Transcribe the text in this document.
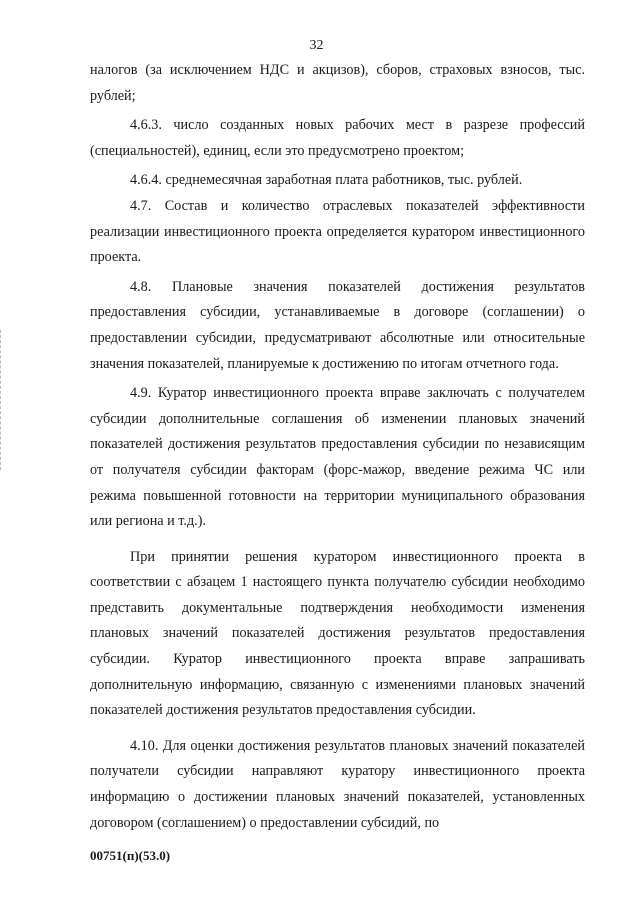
32

налогов (за исключением НДС и акцизов), сборов, страховых взносов, тыс. рублей;

4.6.3. число созданных новых рабочих мест в разрезе профессий (специальностей), единиц, если это предусмотрено проектом;

4.6.4. среднемесячная заработная плата работников, тыс. рублей.

4.7. Состав и количество отраслевых показателей эффективности реализации инвестиционного проекта определяется куратором инвестиционного проекта.

4.8. Плановые значения показателей достижения результатов предоставления субсидии, устанавливаемые в договоре (соглашении) о предоставлении субсидии, предусматривают абсолютные или относительные значения показателей, планируемые к достижению по итогам отчетного года.

4.9. Куратор инвестиционного проекта вправе заключать с получателем субсидии дополнительные соглашения об изменении плановых значений показателей достижения результатов предоставления субсидии по независящим от получателя субсидии факторам (форс-мажор, введение режима ЧС или режима повышенной готовности на территории муниципального образования или региона и т.д.).

При принятии решения куратором инвестиционного проекта в соответствии с абзацем 1 настоящего пункта получателю субсидии необходимо представить документальные подтверждения необходимости изменения плановых значений показателей достижения результатов предоставления субсидии. Куратор инвестиционного проекта вправе запрашивать дополнительную информацию, связанную с изменениями плановых значений показателей достижения результатов предоставления субсидии.

4.10. Для оценки достижения результатов плановых значений показателей получатели субсидии направляют куратору инвестиционного проекта информацию о достижении плановых значений показателей, установленных договором (соглашением) о предоставлении субсидий, по

00751(п)(53.0)
